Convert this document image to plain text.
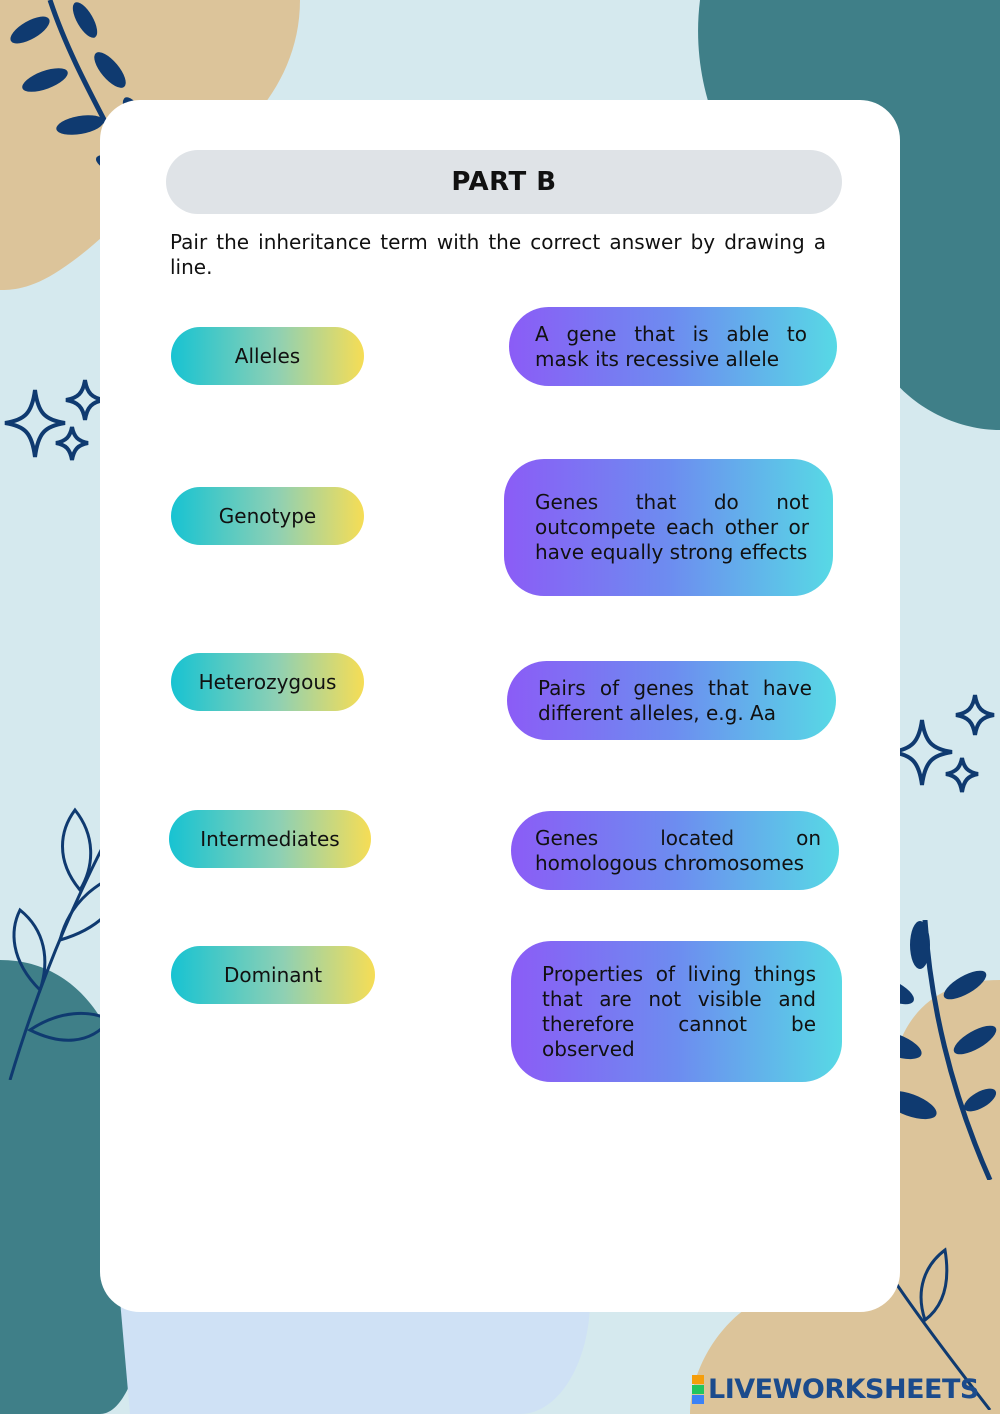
PART B
Pair the inheritance term with the correct answer by drawing a line.
Alleles
Genotype
Heterozygous
Intermediates
Dominant
A gene that is able to mask its recessive allele
Genes that do not outcompete each other or have equally strong effects
Pairs of genes that have different alleles, e.g. Aa
Genes located on homologous chromosomes
Properties of living things that are not visible and therefore cannot be observed
LIVEWORKSHEETS
